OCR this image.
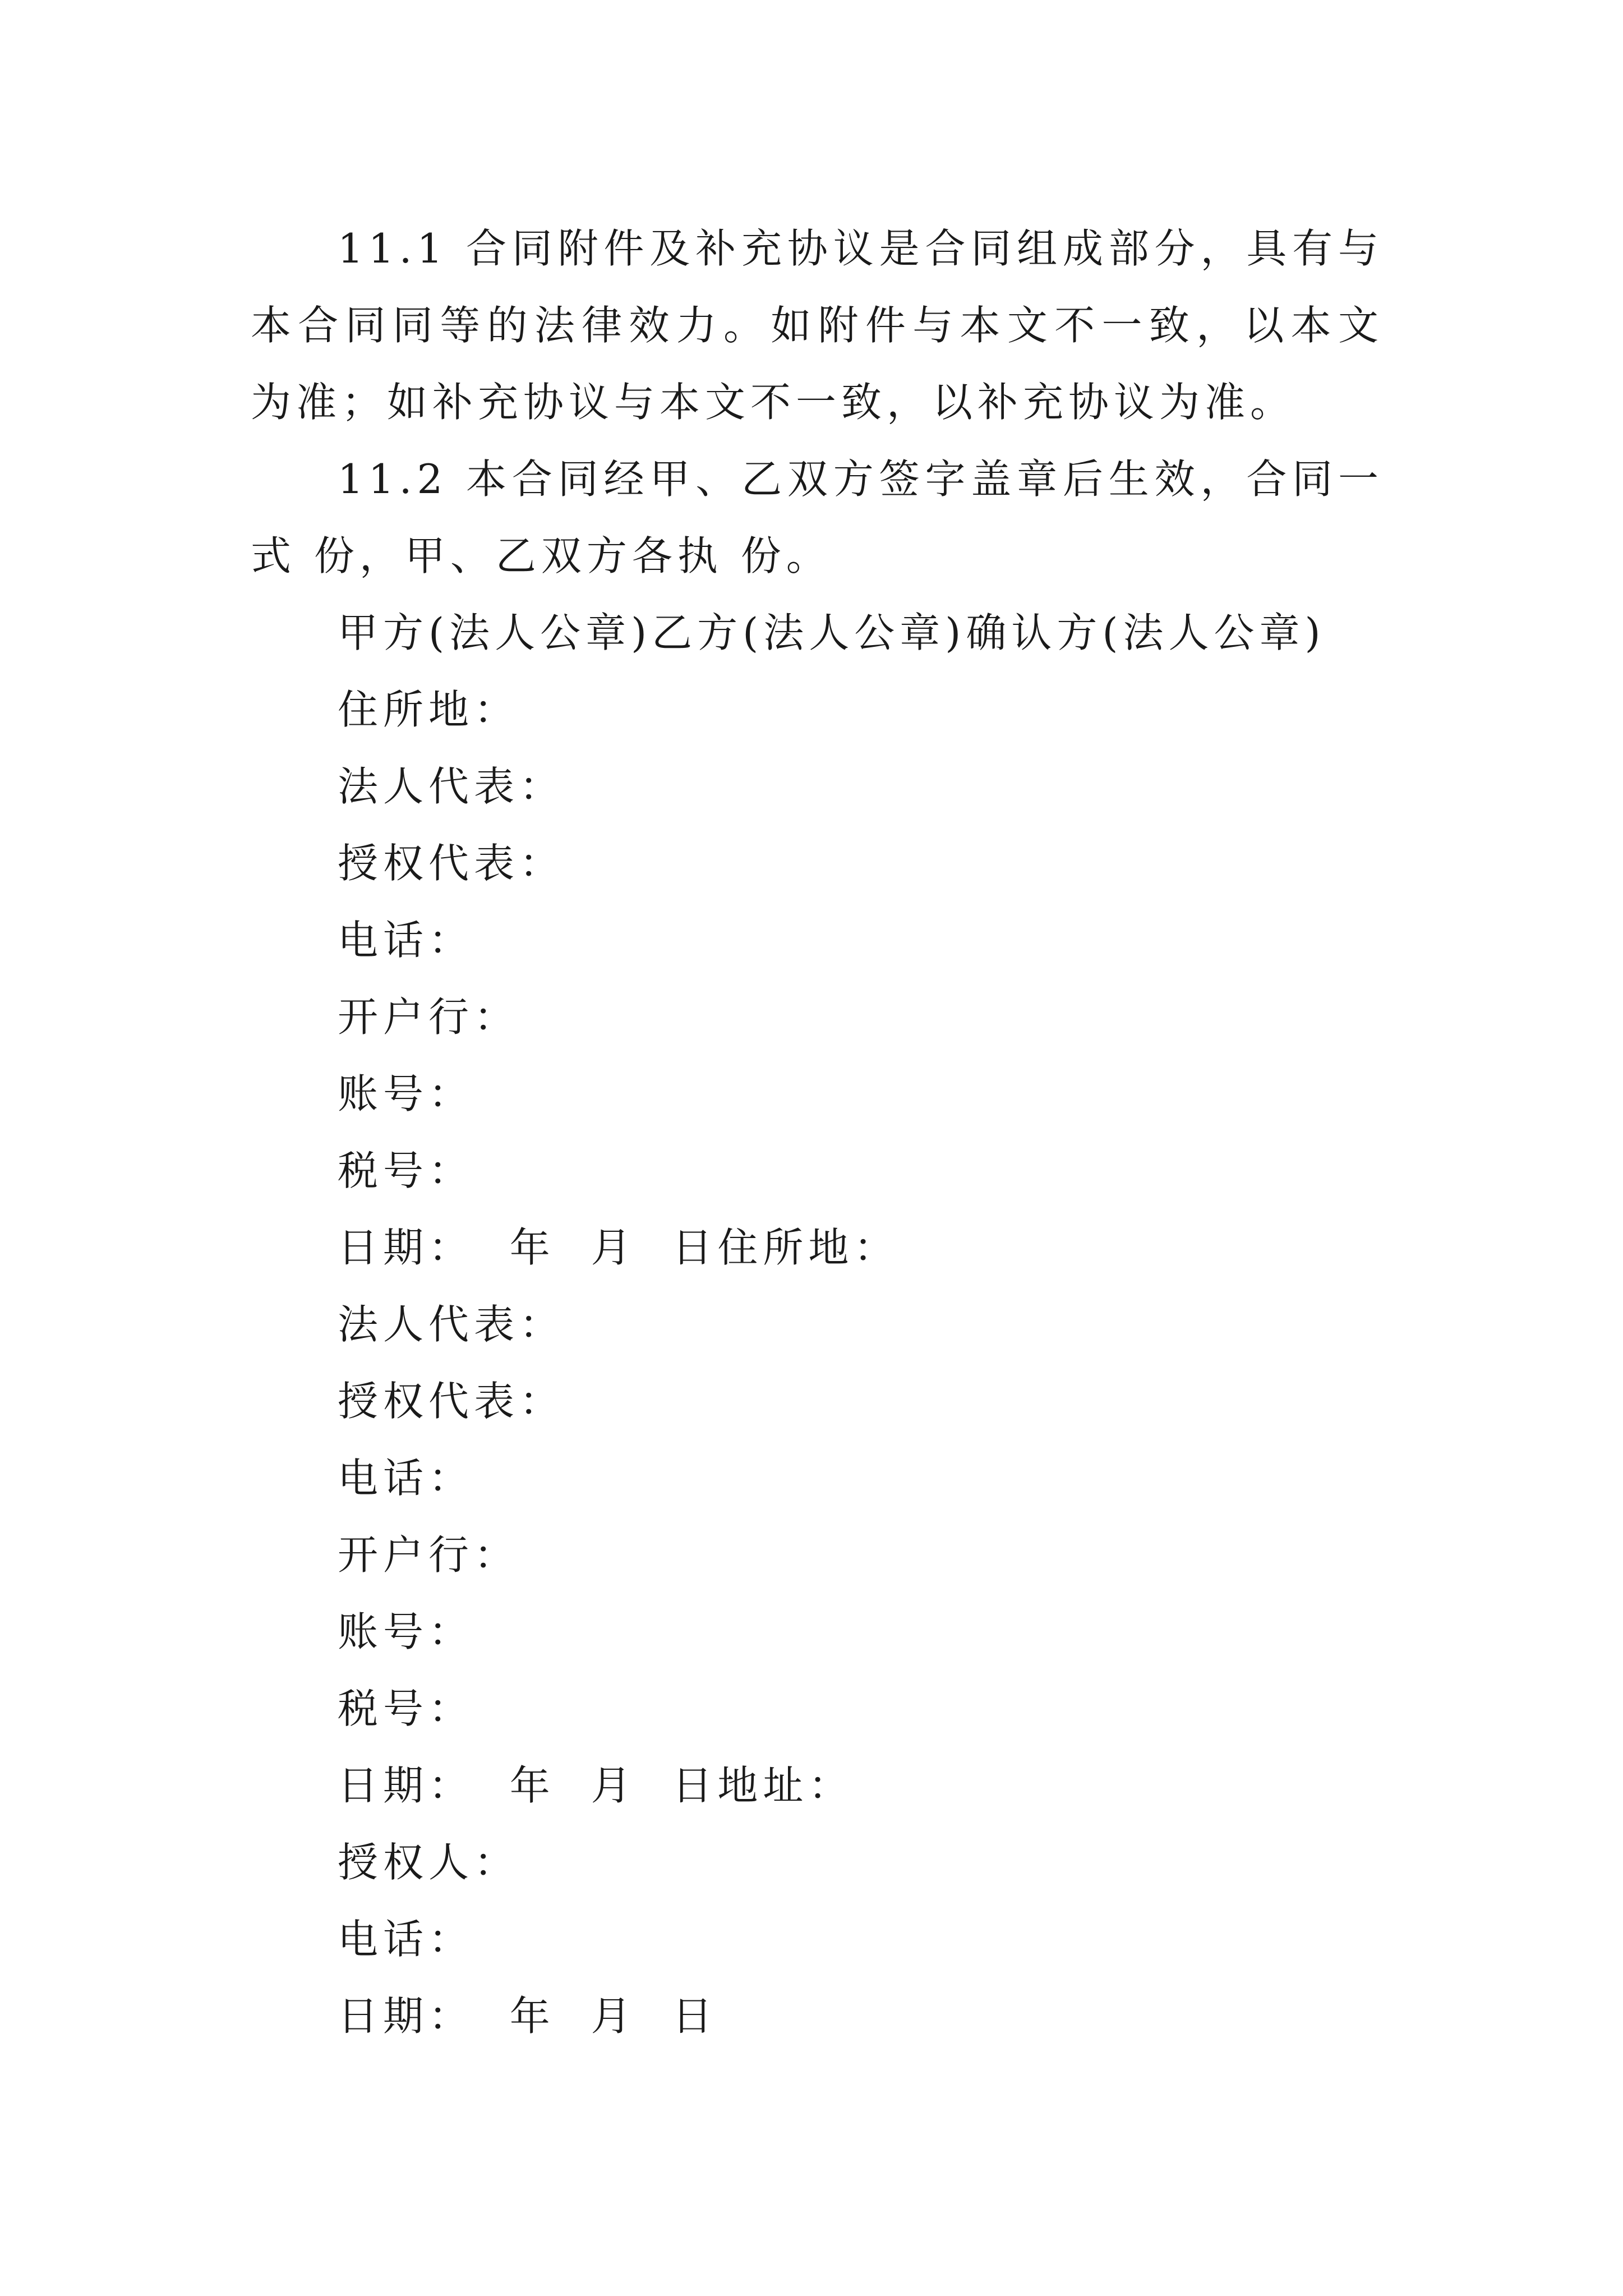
11.1 合同附件及补充协议是合同组成部分，具有与本合同同等的法律效力。如附件与本文不一致，以本文为准；如补充协议与本文不一致，以补充协议为准。

11.2 本合同经甲、乙双方签字盖章后生效，合同一式 份，甲、乙双方各执 份。

甲方(法人公章)乙方(法人公章)确认方(法人公章)

住所地：

法人代表：

授权代表：

电话：

开户行：

账号：

税号：

日期：  年  月  日住所地：

法人代表：

授权代表：

电话：

开户行：

账号：

税号：

日期：  年  月  日地址：

授权人：

电话：

日期：  年  月  日
